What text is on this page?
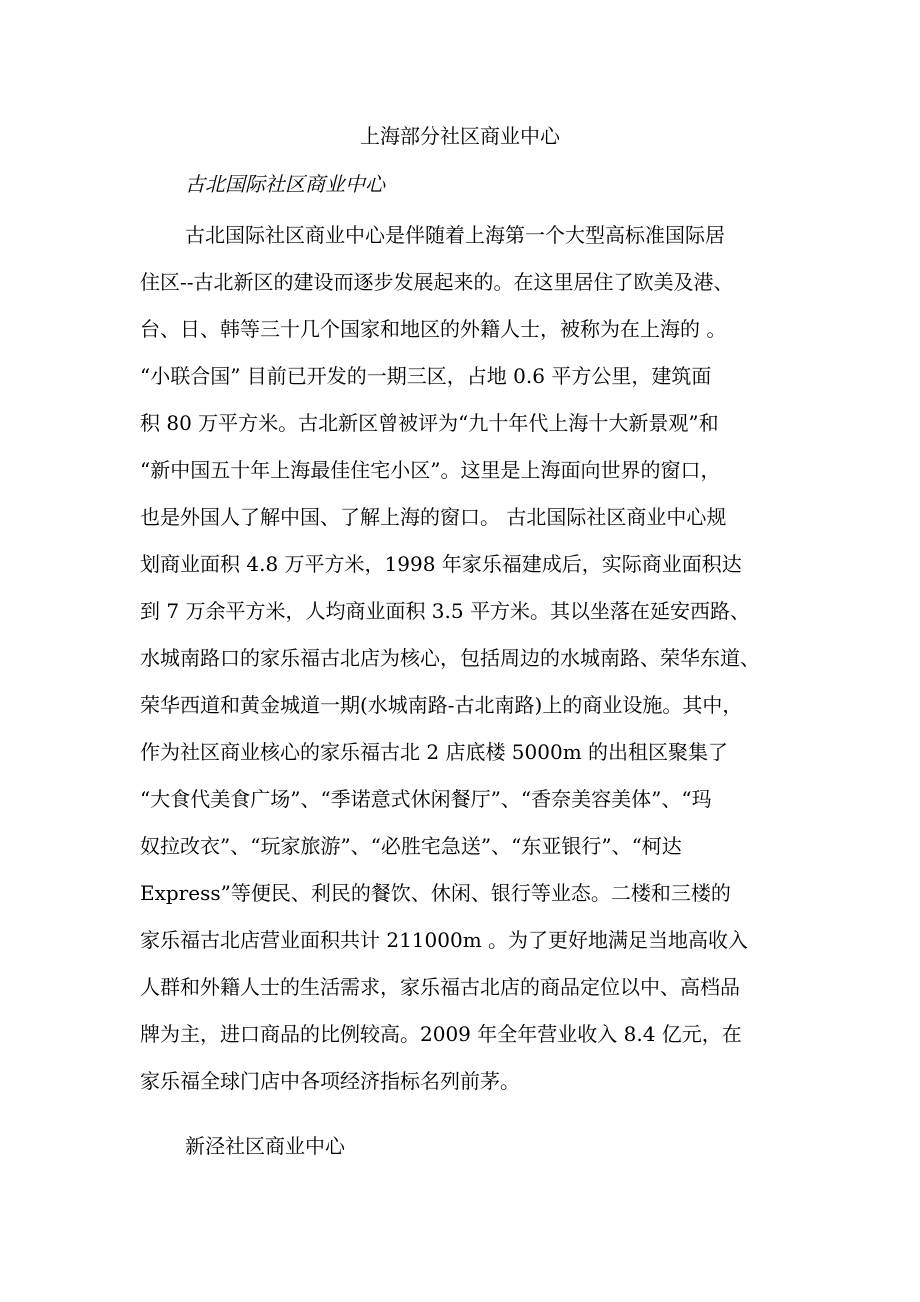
上海部分社区商业中心
古北国际社区商业中心
古北国际社区商业中心是伴随着上海第一个大型高标准国际居
住区--古北新区的建设而逐步发展起来的。在这里居住了欧美及港、
台、日、韩等三十几个国家和地区的外籍人士，被称为在上海的 。
“小联合国” 目前已开发的一期三区，占地 0.6 平方公里，建筑面
积 80 万平方米。古北新区曾被评为“九十年代上海十大新景观”和
“新中国五十年上海最佳住宅小区”。这里是上海面向世界的窗口，
也是外国人了解中国、了解上海的窗口。 古北国际社区商业中心规
划商业面积 4.8 万平方米，1998 年家乐福建成后，实际商业面积达
到 7 万余平方米，人均商业面积 3.5 平方米。其以坐落在延安西路、
水城南路口的家乐福古北店为核心，包括周边的水城南路、荣华东道、
荣华西道和黄金城道一期(水城南路-古北南路)上的商业设施。其中，
作为社区商业核心的家乐福古北 2 店底楼 5000m 的出租区聚集了
“大食代美食广场”、“季诺意式休闲餐厅”、“香奈美容美体”、“玛
奴拉改衣”、“玩家旅游”、“必胜宅急送”、“东亚银行”、“柯达
Express”等便民、利民的餐饮、休闲、银行等业态。二楼和三楼的
家乐福古北店营业面积共计 211000m 。为了更好地满足当地高收入
人群和外籍人士的生活需求，家乐福古北店的商品定位以中、高档品
牌为主，进口商品的比例较高。2009 年全年营业收入 8.4 亿元，在
家乐福全球门店中各项经济指标名列前茅。
新泾社区商业中心
